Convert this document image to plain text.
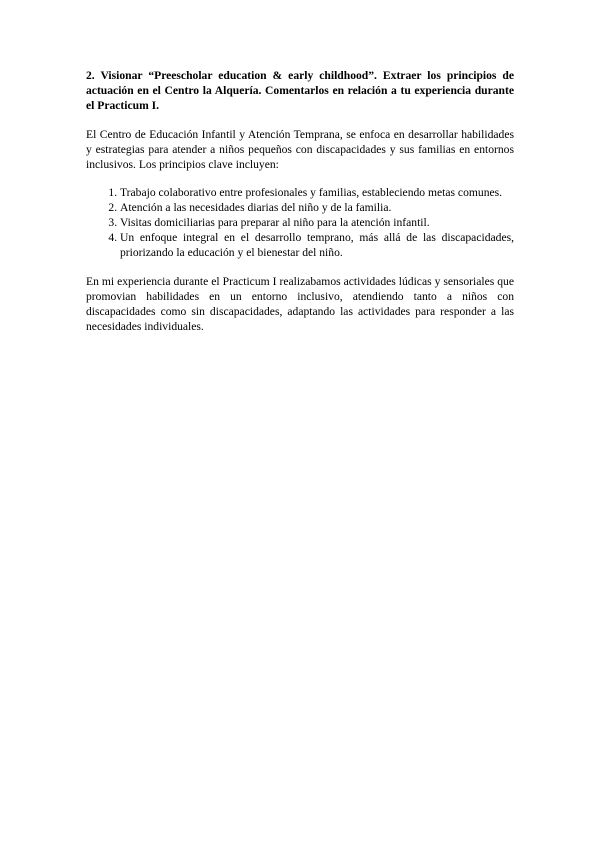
2. Visionar “Preescholar education & early childhood”. Extraer los principios de actuación en el Centro la Alquería. Comentarlos en relación a tu experiencia durante el Practicum I.

El Centro de Educación Infantil y Atención Temprana, se enfoca en desarrollar habilidades y estrategias para atender a niños pequeños con discapacidades y sus familias en entornos inclusivos. Los principios clave incluyen:

1. Trabajo colaborativo entre profesionales y familias, estableciendo metas comunes.
2. Atención a las necesidades diarias del niño y de la familia.
3. Visitas domiciliarias para preparar al niño para la atención infantil.
4. Un enfoque integral en el desarrollo temprano, más allá de las discapacidades, priorizando la educación y el bienestar del niño.

En mi experiencia durante el Practicum I realizabamos actividades lúdicas y sensoriales que promovian habilidades en un entorno inclusivo, atendiendo tanto a niños con discapacidades como sin discapacidades, adaptando las actividades para responder a las necesidades individuales.
